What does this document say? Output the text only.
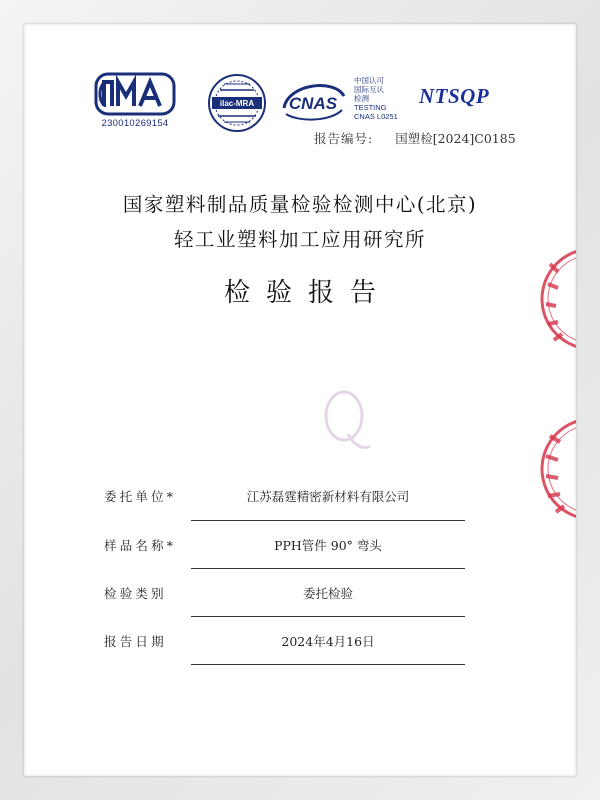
230010269154
ilac-MRA CNAS
中国认可
国际互认
检测
TESTING
CNAS L0251
NTSQP
报告编号: 国塑检[2024]C0185
国家塑料制品质量检验检测中心(北京)
轻工业塑料加工应用研究所
检验报告
委托单位*	江苏磊霆精密新材料有限公司
样品名称*	PPH管件 90° 弯头
检验类别	委托检验
报告日期	2024年4月16日
